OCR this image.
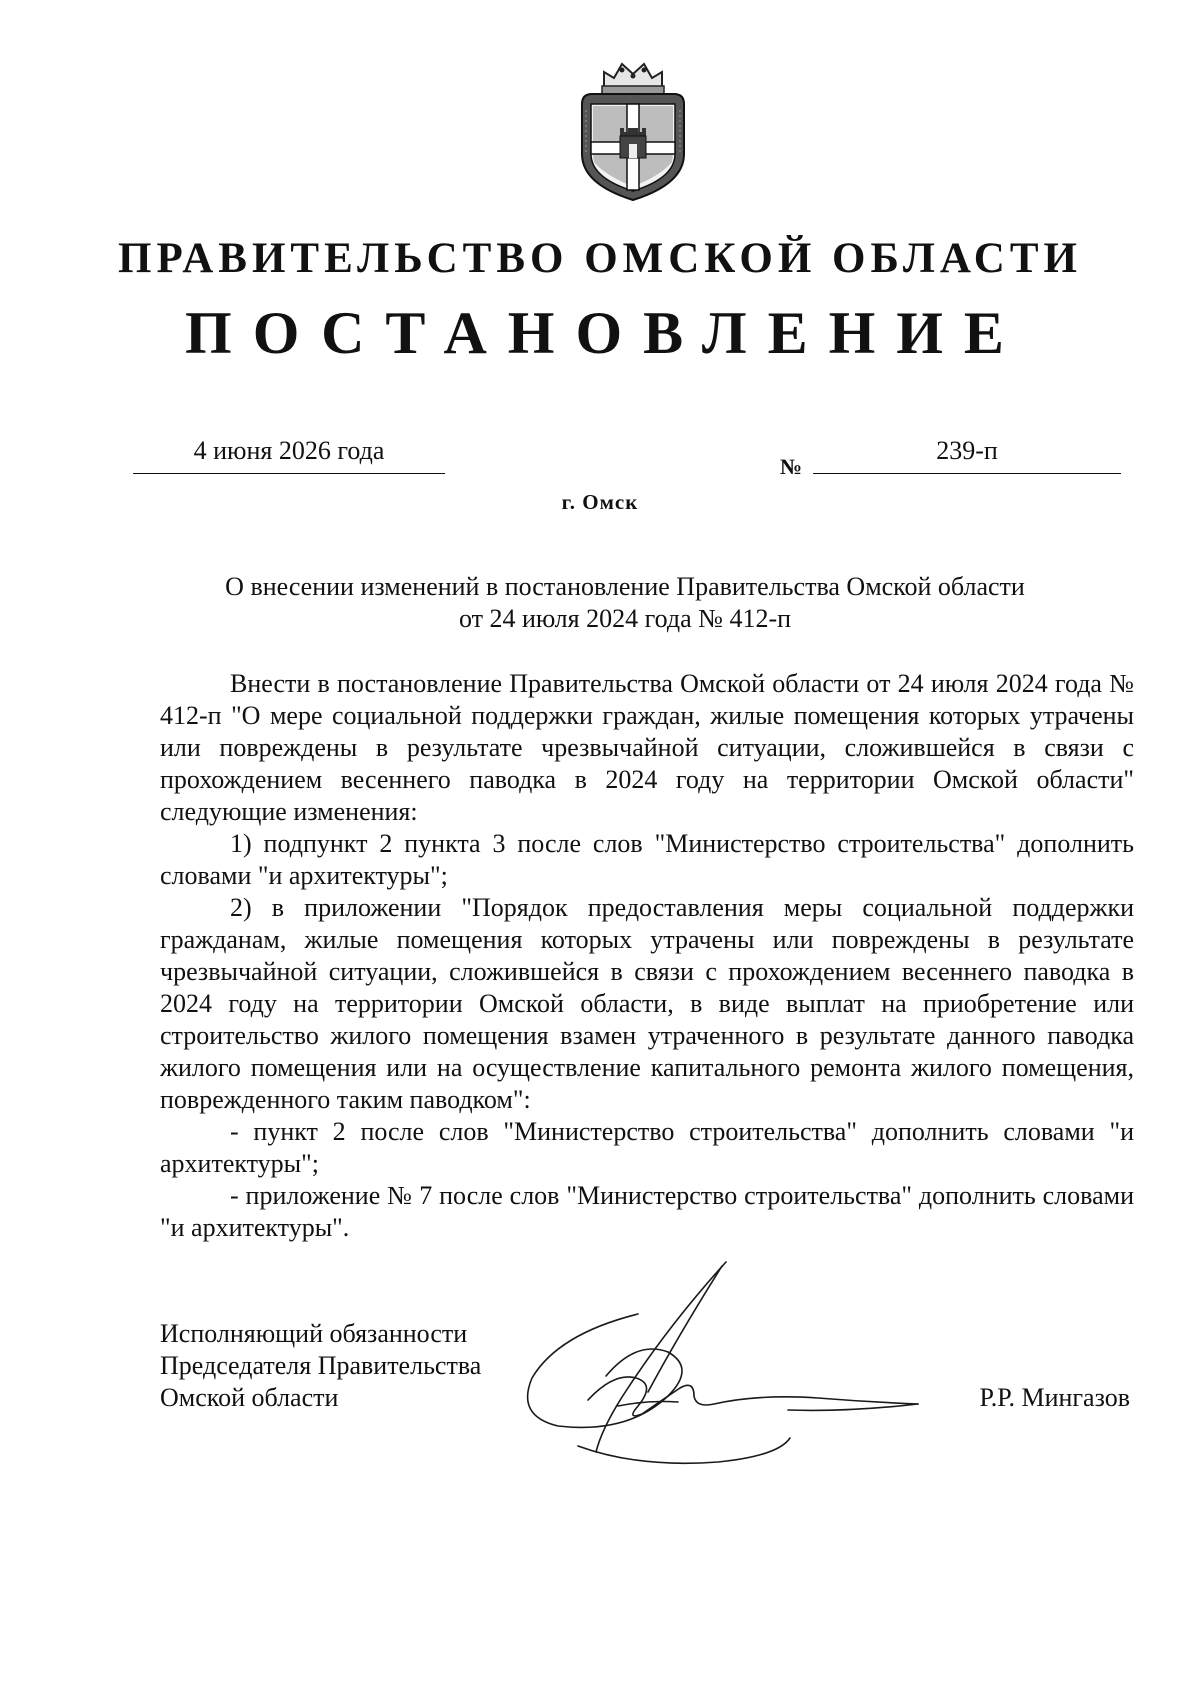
ПРАВИТЕЛЬСТВО ОМСКОЙ ОБЛАСТИ
ПОСТАНОВЛЕНИЕ
4 июня 2026 года
№
239-п
г. Омск
О внесении изменений в постановление Правительства Омской области
от 24 июля 2024 года № 412-п

Внести в постановление Правительства Омской области от 24 июля 2024 года № 412-п "О мере социальной поддержки граждан, жилые помещения которых утрачены или повреждены в результате чрезвычайной ситуации, сложившейся в связи с прохождением весеннего паводка в 2024 году на территории Омской области" следующие изменения:

1) подпункт 2 пункта 3 после слов "Министерство строительства" дополнить словами "и архитектуры";

2) в приложении "Порядок предоставления меры социальной поддержки гражданам, жилые помещения которых утрачены или повреждены в результате чрезвычайной ситуации, сложившейся в связи с прохождением весеннего паводка в 2024 году на территории Омской области, в виде выплат на приобретение или строительство жилого помещения взамен утраченного в результате данного паводка жилого помещения или на осуществление капитального ремонта жилого помещения, поврежденного таким паводком":

- пункт 2 после слов "Министерство строительства" дополнить словами "и архитектуры";

- приложение № 7 после слов "Министерство строительства" дополнить словами "и архитектуры".

Исполняющий обязанности
Председателя Правительства
Омской области	Р.Р. Мингазов
